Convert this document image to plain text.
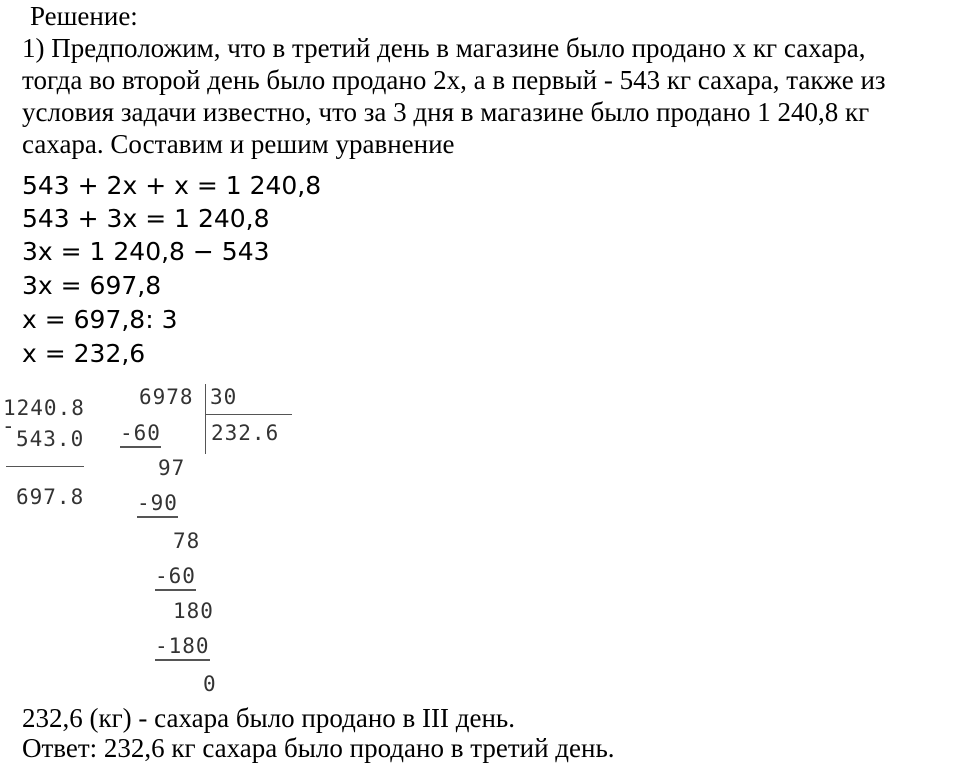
Решение:
1) Предположим, что в третий день в магазине было продано x кг сахара,
тогда во второй день было продано 2x, а в первый - 543 кг сахара, также из
условия задачи известно, что за 3 дня в магазине было продано 1 240,8 кг
сахара. Составим и решим уравнение
543 + 2x + x = 1 240,8
543 + 3x = 1 240,8
3x = 1 240,8 − 543
3x = 697,8
x = 697,8: 3
x = 232,6
1240.8
-
543.0
697.8
6978 30
232.6
-60
97
-90
78
-60
180
-180
0
232,6 (кг) - сахара было продано в III день.
Ответ: 232,6 кг сахара было продано в третий день.
